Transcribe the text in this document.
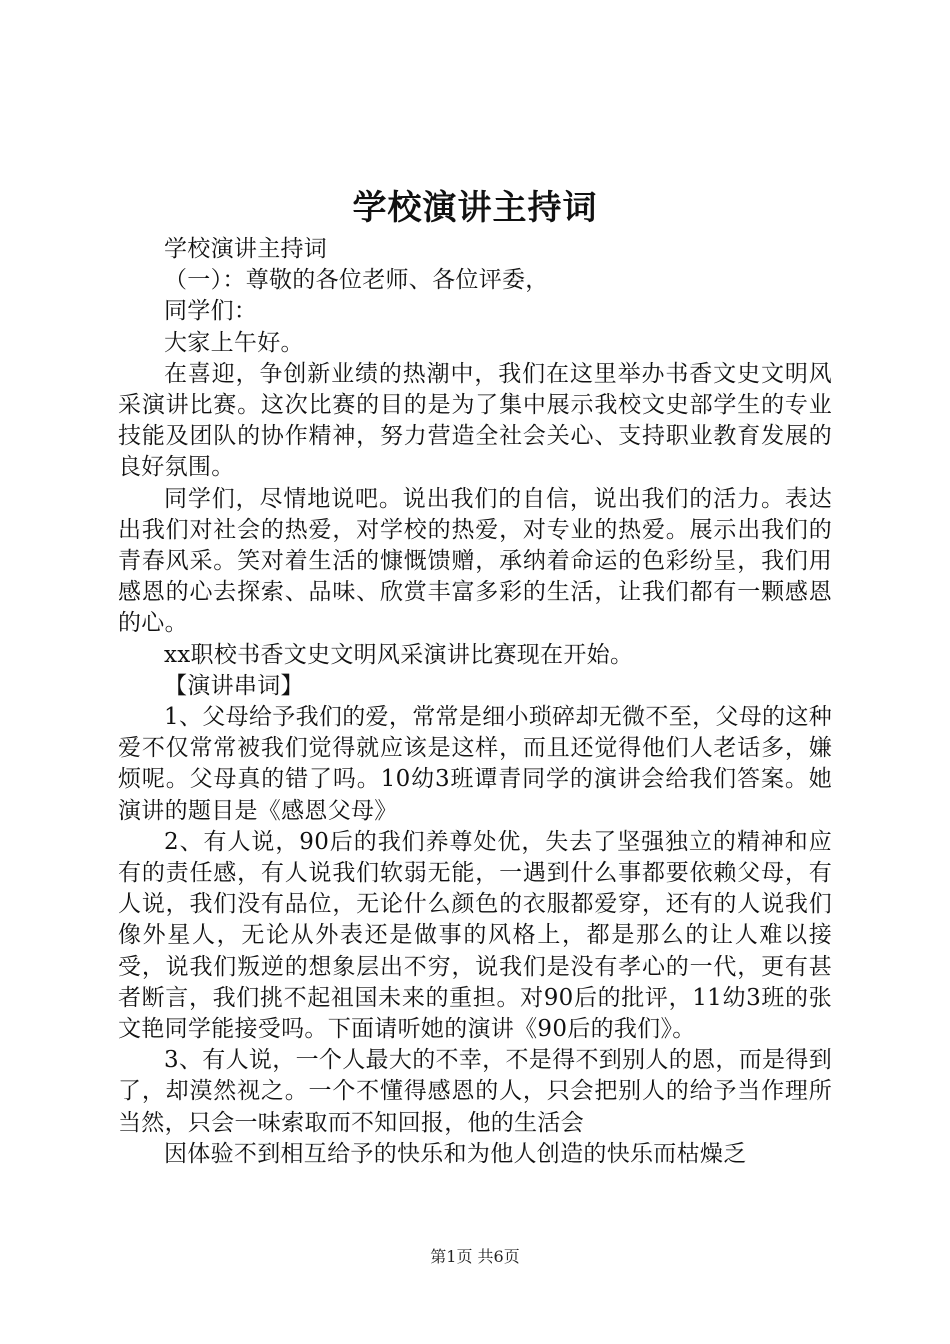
学校演讲主持词

学校演讲主持词

（一）：尊敬的各位老师、各位评委，

同学们：

大家上午好。

在喜迎，争创新业绩的热潮中，我们在这里举办书香文史文明风采演讲比赛。这次比赛的目的是为了集中展示我校文史部学生的专业技能及团队的协作精神，努力营造全社会关心、支持职业教育发展的良好氛围。

同学们，尽情地说吧。说出我们的自信，说出我们的活力。表达出我们对社会的热爱，对学校的热爱，对专业的热爱。展示出我们的青春风采。笑对着生活的慷慨馈赠，承纳着命运的色彩纷呈，我们用感恩的心去探索、品味、欣赏丰富多彩的生活，让我们都有一颗感恩的心。

xx职校书香文史文明风采演讲比赛现在开始。

【演讲串词】

1、父母给予我们的爱，常常是细小琐碎却无微不至，父母的这种爱不仅常常被我们觉得就应该是这样，而且还觉得他们人老话多，嫌烦呢。父母真的错了吗。10幼3班谭青同学的演讲会给我们答案。她演讲的题目是《感恩父母》

2、有人说，90后的我们养尊处优，失去了坚强独立的精神和应有的责任感，有人说我们软弱无能，一遇到什么事都要依赖父母，有人说，我们没有品位，无论什么颜色的衣服都爱穿，还有的人说我们像外星人，无论从外表还是做事的风格上，都是那么的让人难以接受，说我们叛逆的想象层出不穷，说我们是没有孝心的一代，更有甚者断言，我们挑不起祖国未来的重担。对90后的批评，11幼3班的张文艳同学能接受吗。下面请听她的演讲《90后的我们》。

3、有人说，一个人最大的不幸，不是得不到别人的恩，而是得到了，却漠然视之。一个不懂得感恩的人，只会把别人的给予当作理所当然，只会一味索取而不知回报，他的生活会

因体验不到相互给予的快乐和为他人创造的快乐而枯燥乏

第1页 共6页
